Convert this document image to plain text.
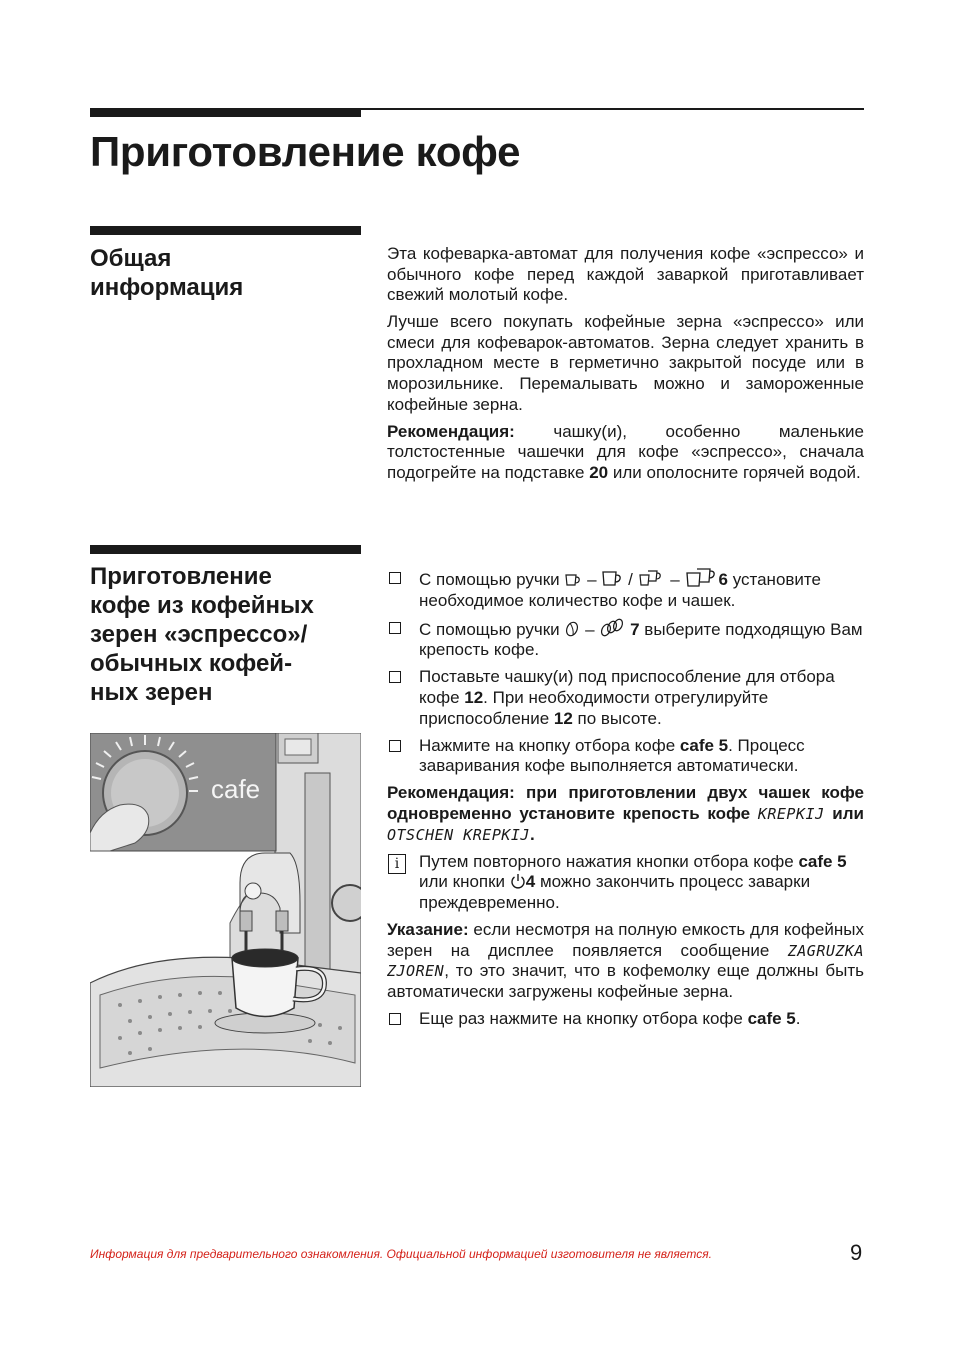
Приготовление кофе
Общая
информация

Эта кофеварка-автомат для получения кофе «эспрессо» и обычного кофе перед каждой заваркой приготавливает свежий молотый кофе.

Лучше всего покупать кофейные зерна «эспрессо» или смеси для кофеварок-автоматов. Зерна следует хранить в прохладном месте в герметично закрытой посуде или в морозильнике. Перемалывать можно и замороженные кофейные зерна.

Рекомендация: чашку(и), особенно маленькие толстостенные чашечки для кофе «эспрессо», сначала подогрейте на подставке 20 или ополосните горячей водой.

Приготовление
кофе из кофейных
зерен «эспрессо»/
обычных кофей-
ных зерен
cafe
С помощью ручки – / – 6 установите необходимое количество кофе и чашек.
С помощью ручки – 7 выберите подходящую Вам крепость кофе.
Поставьте чашку(и) под приспособление для отбора кофе 12. При необходимости отрегулируйте приспособление 12 по высоте.
Нажмите на кнопку отбора кофе cafe 5. Процесс заваривания кофе выполняется автоматически.

Рекомендация: при приготовлении двух чашек кофе одновременно установите крепость кофе KREPKIJ или OTSCHEN KREPKIJ.

i	Путем повторного нажатия кнопки отбора кофе cafe 5 или кнопки 4 можно закончить процесс заварки преждевременно.

Указание: если несмотря на полную емкость для кофейных зерен на дисплее появляется сообщение ZAGRUZKA ZJOREN, то это значит, что в кофемолку еще должны быть автоматически загружены кофейные зерна.

Еще раз нажмите на кнопку отбора кофе cafe 5.
Информация для предварительного ознакомления. Официальной информацией изготовителя не является.	9
